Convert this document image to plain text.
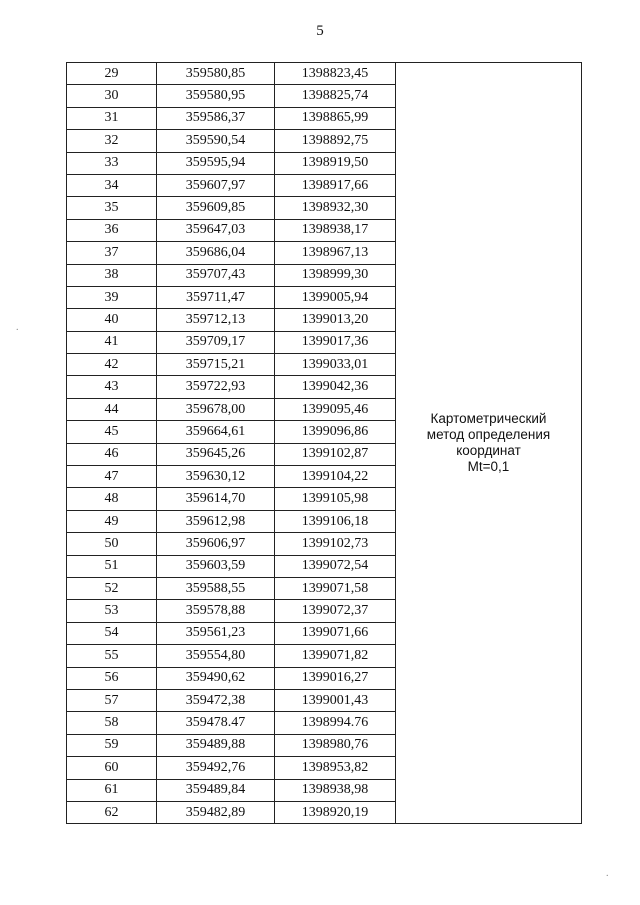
5
29	359580,85	1398823,45	Картометрический
метод определения
координат
Mt=0,1

30	359580,95	1398825,74	
31	359586,37	1398865,99	
32	359590,54	1398892,75	
33	359595,94	1398919,50	
34	359607,97	1398917,66	
35	359609,85	1398932,30	
36	359647,03	1398938,17	
37	359686,04	1398967,13	
38	359707,43	1398999,30	
39	359711,47	1399005,94	
40	359712,13	1399013,20	
41	359709,17	1399017,36	
42	359715,21	1399033,01	
43	359722,93	1399042,36	
44	359678,00	1399095,46	
45	359664,61	1399096,86	
46	359645,26	1399102,87	
47	359630,12	1399104,22	
48	359614,70	1399105,98	
49	359612,98	1399106,18	
50	359606,97	1399102,73	
51	359603,59	1399072,54	
52	359588,55	1399071,58	
53	359578,88	1399072,37	
54	359561,23	1399071,66	
55	359554,80	1399071,82	
56	359490,62	1399016,27	
57	359472,38	1399001,43	
58	359478.47	1398994.76	
59	359489,88	1398980,76	
60	359492,76	1398953,82	
61	359489,84	1398938,98	
62	359482,89	1398920,19	
.
.
